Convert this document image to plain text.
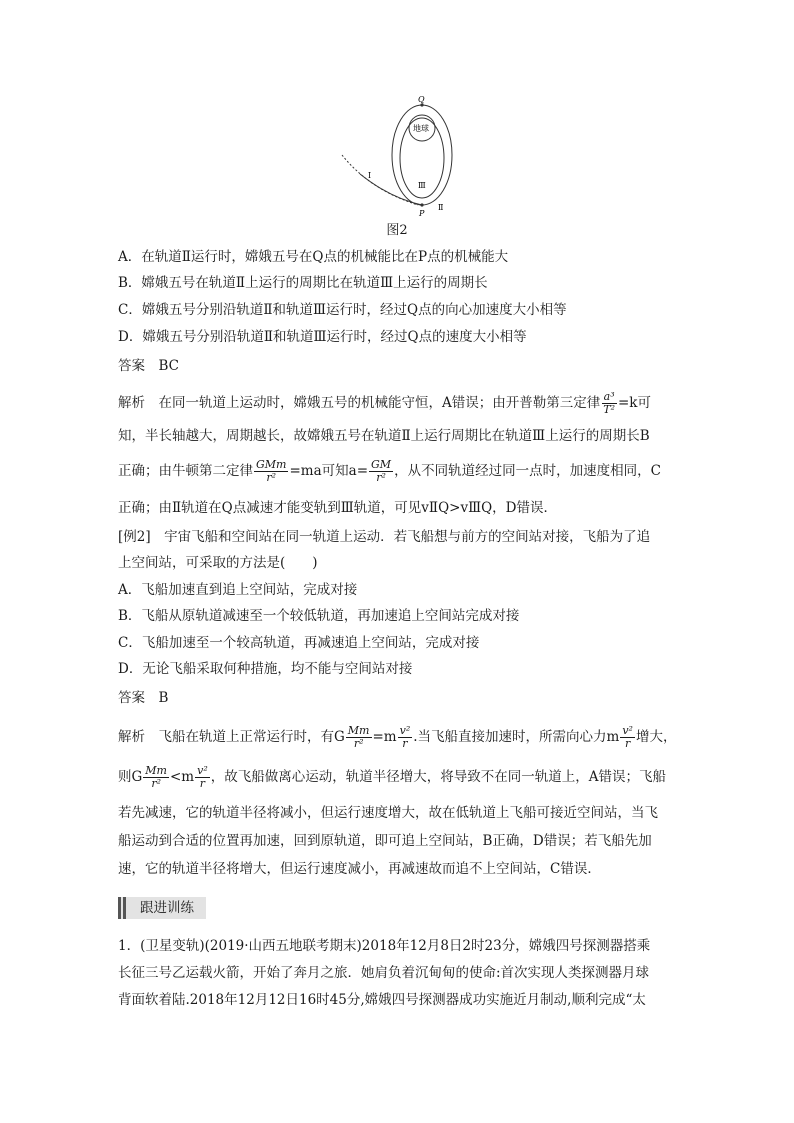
Q
地球
Ⅰ
Ⅲ
P
Ⅱ
图2
A．在轨道Ⅱ运行时，嫦娥五号在Q点的机械能比在P点的机械能大
B．嫦娥五号在轨道Ⅱ上运行的周期比在轨道Ⅲ上运行的周期长
C．嫦娥五号分别沿轨道Ⅱ和轨道Ⅲ运行时，经过Q点的向心加速度大小相等
D．嫦娥五号分别沿轨道Ⅱ和轨道Ⅲ运行时，经过Q点的速度大小相等
答案　BC
解析　在同一轨道上运动时，嫦娥五号的机械能守恒，A错误；由开普勒第三定律 $\frac{\text{a³}}{\text{T²}} =k$可
知，半长轴越大，周期越长，故嫦娥五号在轨道Ⅱ上运行周期比在轨道Ⅲ上运行的周期长B
正确；由牛顿第二定律 $\frac{\text{GMm}}{\text{r²}} =ma$可知$a= \frac{GM}{\text{r²}}$ ，从不同轨道经过同一点时，加速度相同，C
正确；由Ⅱ轨道在Q点减速才能变轨到Ⅲ轨道，可见vⅡQ>vⅢQ，D错误．
[例2]　宇宙飞船和空间站在同一轨道上运动．若飞船想与前方的空间站对接，飞船为了追
上空间站，可采取的方法是(　　)
A．飞船加速直到追上空间站，完成对接
B．飞船从原轨道减速至一个较低轨道，再加速追上空间站完成对接
C．飞船加速至一个较高轨道，再减速追上空间站，完成对接
D．无论飞船采取何种措施，均不能与空间站对接
答案　B
解析　飞船在轨道上正常运行时，有G $\frac{Mm}{\text{r²}} =m \frac{\text{v²}}{r}$ .当飞船直接加速时，所需向心力m $\frac{\text{v²}}{r}$ 增大，
则G $\frac{Mm}{\text{r²}} <m \frac{\text{v²}}{r}$ ，故飞船做离心运动，轨道半径增大，将导致不在同一轨道上，A错误；飞船
若先减速，它的轨道半径将减小，但运行速度增大，故在低轨道上飞船可接近空间站，当飞
船运动到合适的位置再加速，回到原轨道，即可追上空间站，B正确，D错误；若飞船先加
速，它的轨道半径将增大，但运行速度减小，再减速故而追不上空间站，C错误．
跟进训练
1．(卫星变轨)(2019·山西五地联考期末)2018年12月8日2时23分，嫦娥四号探测器搭乘
长征三号乙运载火箭，开始了奔月之旅．她肩负着沉甸甸的使命:首次实现人类探测器月球
背面软着陆.2018年12月12日16时45分,嫦娥四号探测器成功实施近月制动,顺利完成“太
